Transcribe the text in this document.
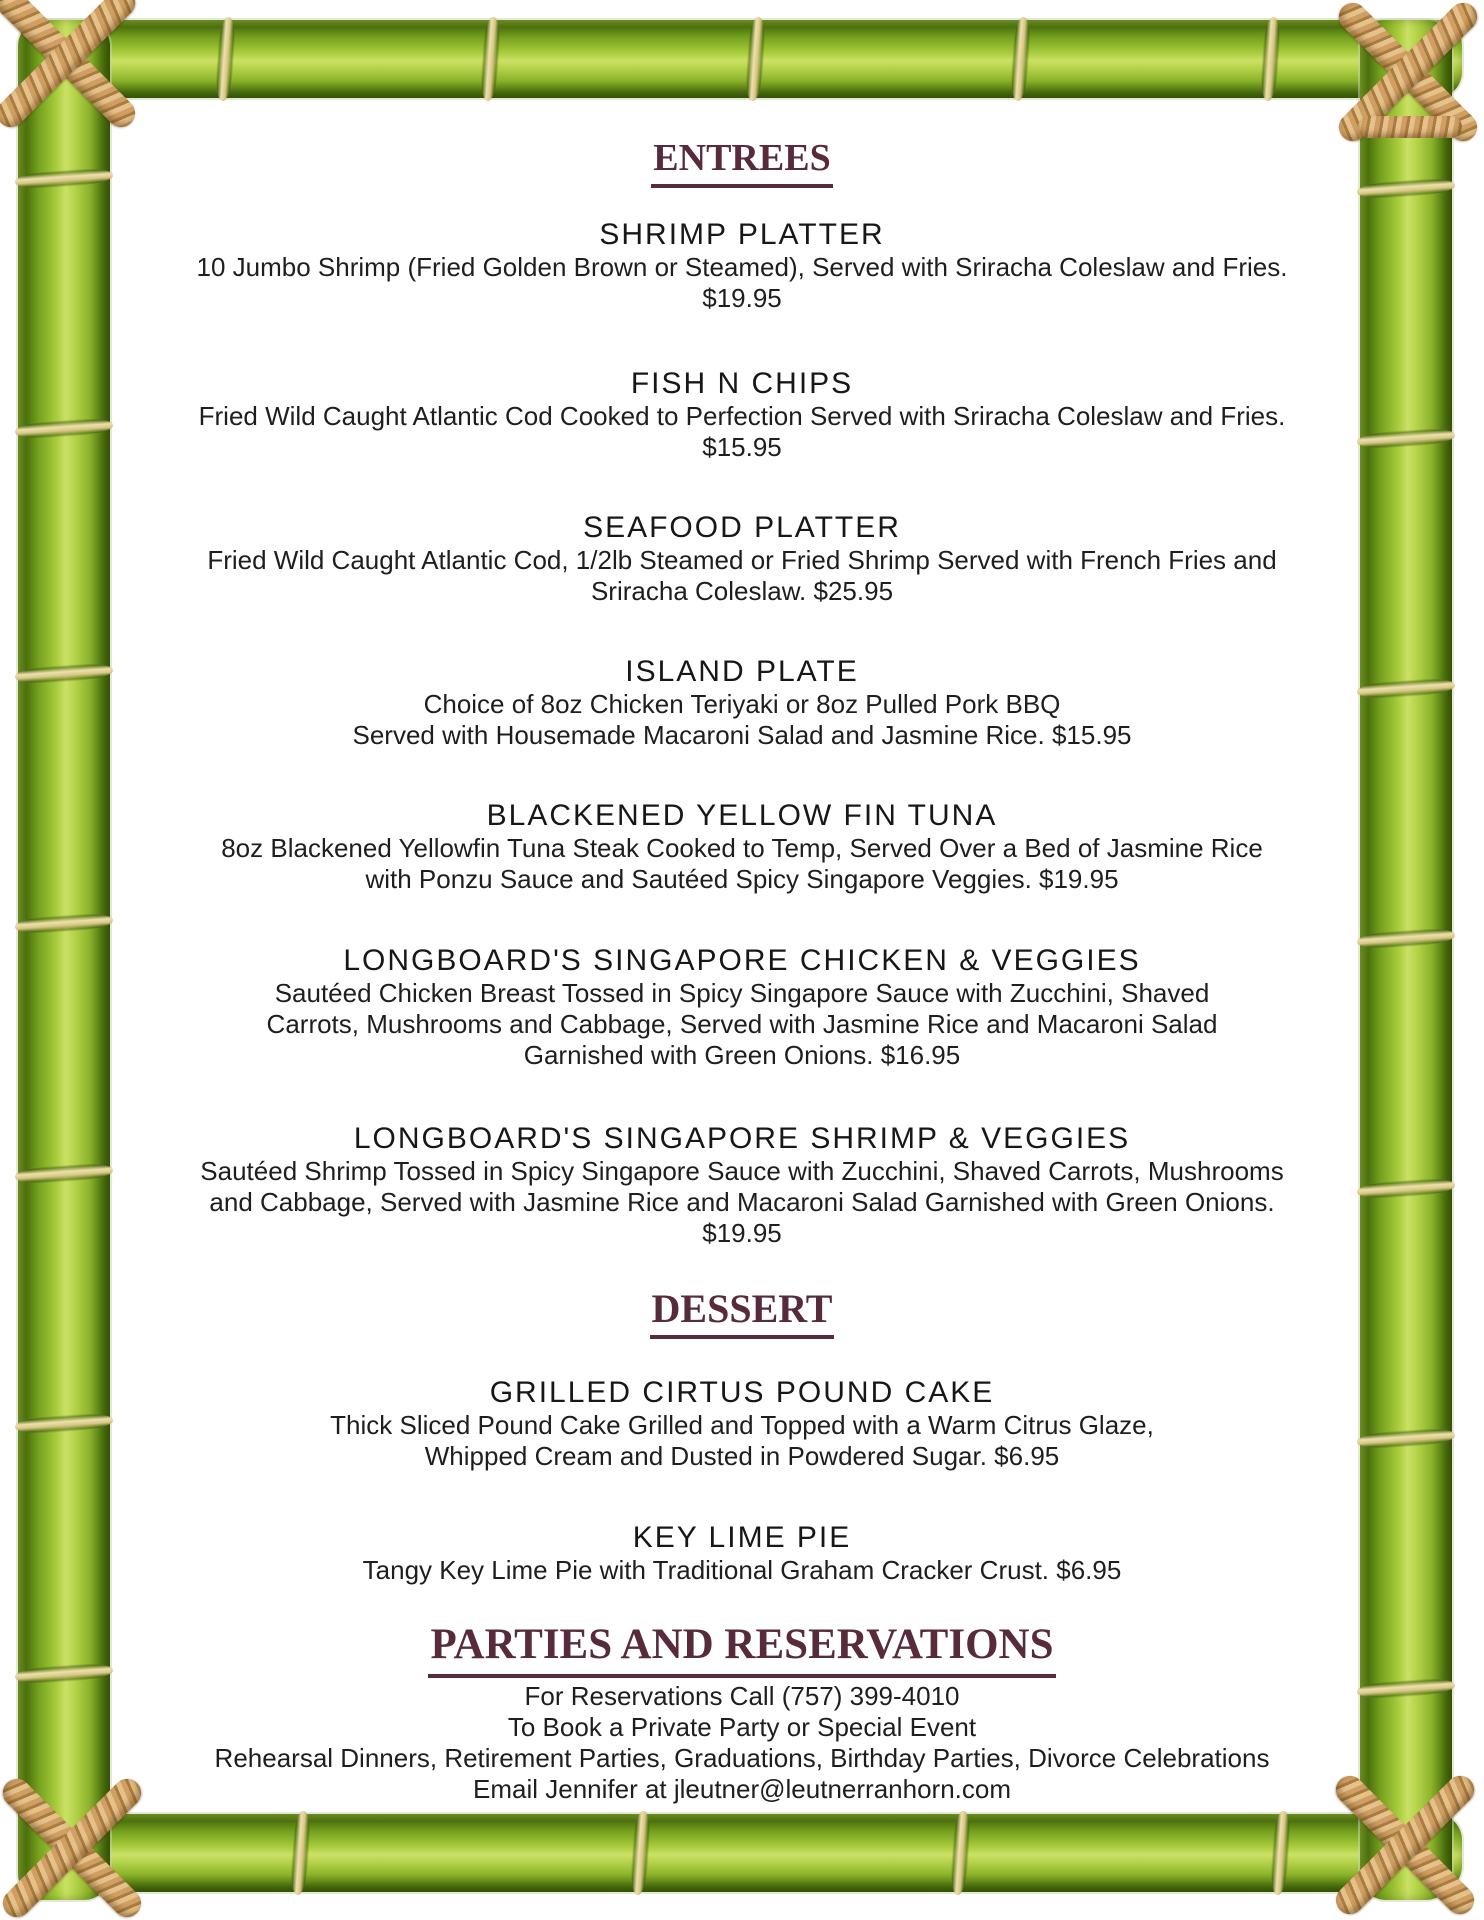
ENTREES
SHRIMP PLATTER
10 Jumbo Shrimp (Fried Golden Brown or Steamed), Served with Sriracha Coleslaw and Fries.
$19.95
FISH N CHIPS
Fried Wild Caught Atlantic Cod Cooked to Perfection Served with Sriracha Coleslaw and Fries.
$15.95
SEAFOOD PLATTER
Fried Wild Caught Atlantic Cod, 1/2lb Steamed or Fried Shrimp Served with French Fries and
Sriracha Coleslaw. $25.95
ISLAND PLATE
Choice of 8oz Chicken Teriyaki or 8oz Pulled Pork BBQ
Served with Housemade Macaroni Salad and Jasmine Rice. $15.95
BLACKENED YELLOW FIN TUNA
8oz Blackened Yellowfin Tuna Steak Cooked to Temp, Served Over a Bed of Jasmine Rice
with Ponzu Sauce and Sautéed Spicy Singapore Veggies. $19.95
LONGBOARD'S SINGAPORE CHICKEN & VEGGIES
Sautéed Chicken Breast Tossed in Spicy Singapore Sauce with Zucchini, Shaved
Carrots, Mushrooms and Cabbage, Served with Jasmine Rice and Macaroni Salad
Garnished with Green Onions. $16.95
LONGBOARD'S SINGAPORE SHRIMP & VEGGIES
Sautéed Shrimp Tossed in Spicy Singapore Sauce with Zucchini, Shaved Carrots, Mushrooms
and Cabbage, Served with Jasmine Rice and Macaroni Salad Garnished with Green Onions.
$19.95
DESSERT
GRILLED CIRTUS POUND CAKE
Thick Sliced Pound Cake Grilled and Topped with a Warm Citrus Glaze,
Whipped Cream and Dusted in Powdered Sugar. $6.95
KEY LIME PIE
Tangy Key Lime Pie with Traditional Graham Cracker Crust. $6.95
PARTIES AND RESERVATIONS
For Reservations Call (757) 399-4010
To Book a Private Party or Special Event
Rehearsal Dinners, Retirement Parties, Graduations, Birthday Parties, Divorce Celebrations
Email Jennifer at jleutner@leutnerranhorn.com
